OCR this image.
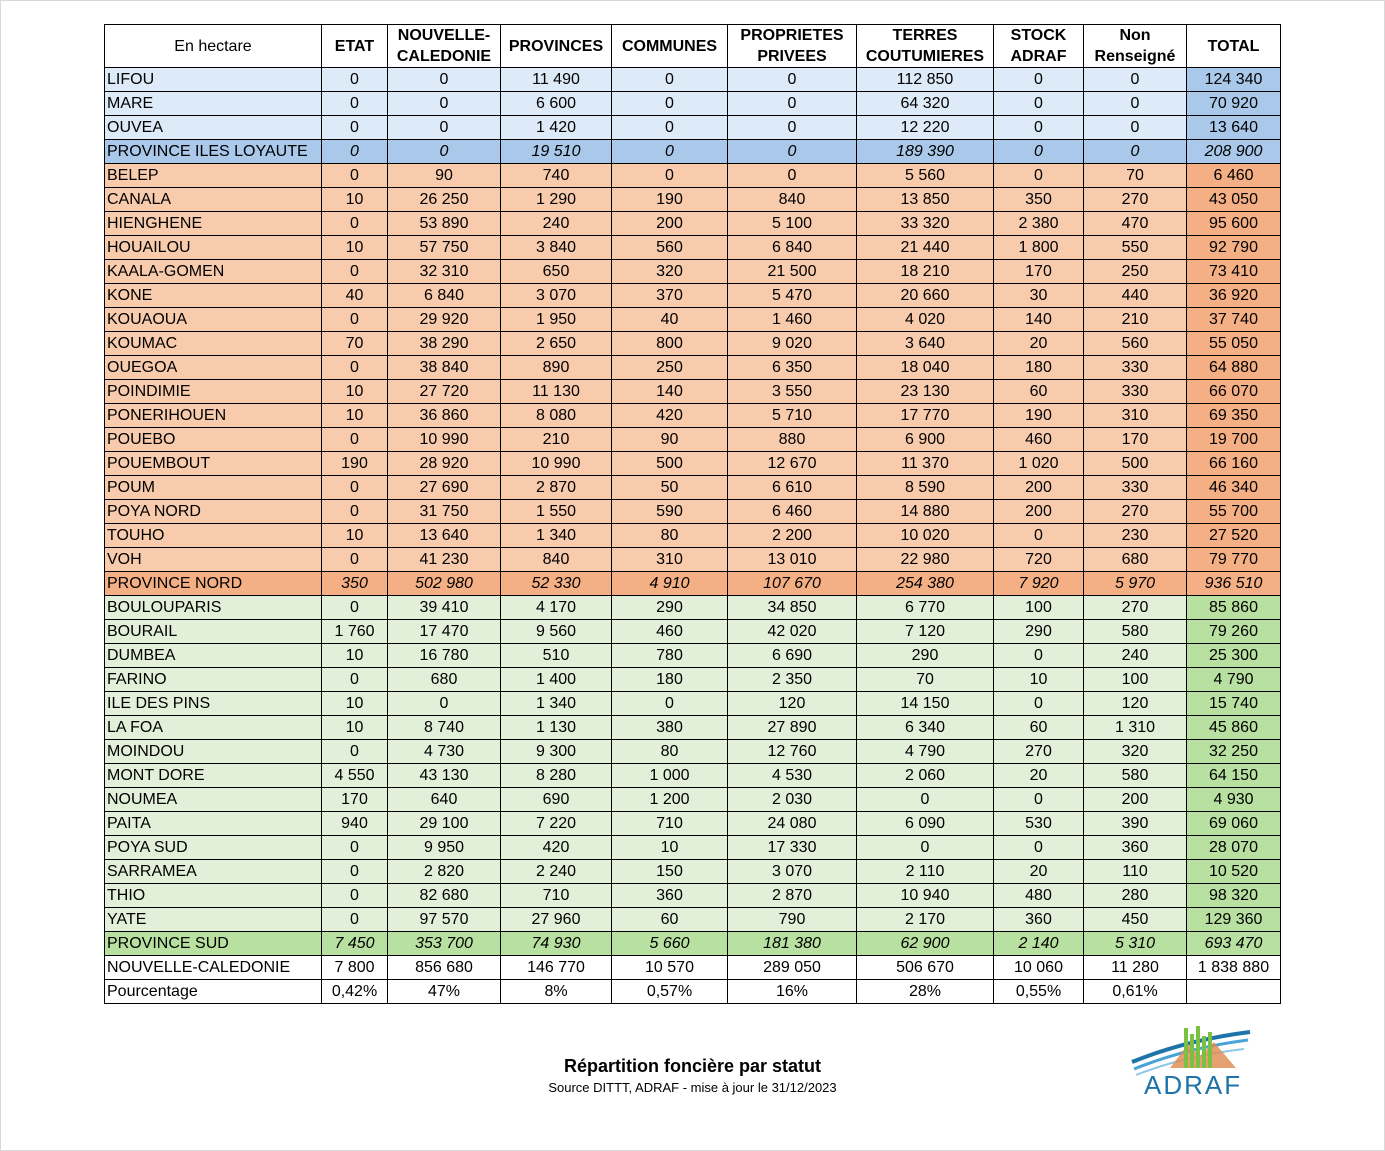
En hectare	ETAT	NOUVELLE-CALEDONIE	PROVINCES	COMMUNES	PROPRIETES PRIVEES	TERRES COUTUMIERES	STOCK ADRAF	Non Renseigné	TOTAL
LIFOU	0	0	11 490	0	0	112 850	0	0	124 340
MARE	0	0	6 600	0	0	64 320	0	0	70 920
OUVEA	0	0	1 420	0	0	12 220	0	0	13 640
PROVINCE ILES LOYAUTE	0	0	19 510	0	0	189 390	0	0	208 900
BELEP	0	90	740	0	0	5 560	0	70	6 460
CANALA	10	26 250	1 290	190	840	13 850	350	270	43 050
HIENGHENE	0	53 890	240	200	5 100	33 320	2 380	470	95 600
HOUAILOU	10	57 750	3 840	560	6 840	21 440	1 800	550	92 790
KAALA-GOMEN	0	32 310	650	320	21 500	18 210	170	250	73 410
KONE	40	6 840	3 070	370	5 470	20 660	30	440	36 920
KOUAOUA	0	29 920	1 950	40	1 460	4 020	140	210	37 740
KOUMAC	70	38 290	2 650	800	9 020	3 640	20	560	55 050
OUEGOA	0	38 840	890	250	6 350	18 040	180	330	64 880
POINDIMIE	10	27 720	11 130	140	3 550	23 130	60	330	66 070
PONERIHOUEN	10	36 860	8 080	420	5 710	17 770	190	310	69 350
POUEBO	0	10 990	210	90	880	6 900	460	170	19 700
POUEMBOUT	190	28 920	10 990	500	12 670	11 370	1 020	500	66 160
POUM	0	27 690	2 870	50	6 610	8 590	200	330	46 340
POYA NORD	0	31 750	1 550	590	6 460	14 880	200	270	55 700
TOUHO	10	13 640	1 340	80	2 200	10 020	0	230	27 520
VOH	0	41 230	840	310	13 010	22 980	720	680	79 770
PROVINCE NORD	350	502 980	52 330	4 910	107 670	254 380	7 920	5 970	936 510
BOULOUPARIS	0	39 410	4 170	290	34 850	6 770	100	270	85 860
BOURAIL	1 760	17 470	9 560	460	42 020	7 120	290	580	79 260
DUMBEA	10	16 780	510	780	6 690	290	0	240	25 300
FARINO	0	680	1 400	180	2 350	70	10	100	4 790
ILE DES PINS	10	0	1 340	0	120	14 150	0	120	15 740
LA FOA	10	8 740	1 130	380	27 890	6 340	60	1 310	45 860
MOINDOU	0	4 730	9 300	80	12 760	4 790	270	320	32 250
MONT DORE	4 550	43 130	8 280	1 000	4 530	2 060	20	580	64 150
NOUMEA	170	640	690	1 200	2 030	0	0	200	4 930
PAITA	940	29 100	7 220	710	24 080	6 090	530	390	69 060
POYA SUD	0	9 950	420	10	17 330	0	0	360	28 070
SARRAMEA	0	2 820	2 240	150	3 070	2 110	20	110	10 520
THIO	0	82 680	710	360	2 870	10 940	480	280	98 320
YATE	0	97 570	27 960	60	790	2 170	360	450	129 360
PROVINCE SUD	7 450	353 700	74 930	5 660	181 380	62 900	2 140	5 310	693 470
NOUVELLE-CALEDONIE	7 800	856 680	146 770	10 570	289 050	506 670	10 060	11 280	1 838 880
Pourcentage	0,42%	47%	8%	0,57%	16%	28%	0,55%	0,61%	
Répartition foncière par statut
Source DITTT, ADRAF - mise à jour le 31/12/2023	ADRAF
